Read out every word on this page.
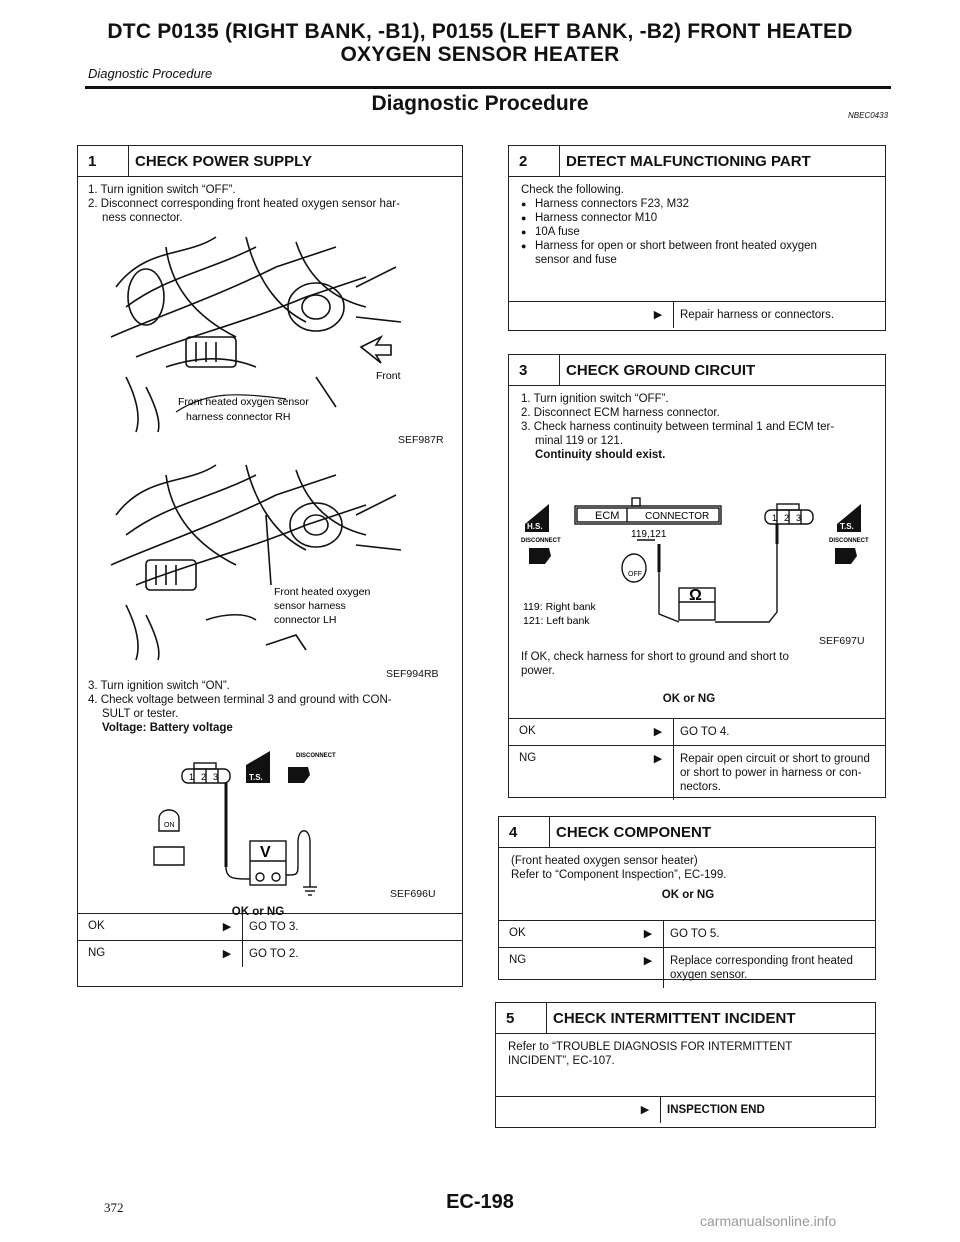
DTC P0135 (RIGHT BANK, -B1), P0155 (LEFT BANK, -B2) FRONT HEATED
OXYGEN SENSOR HEATER
Diagnostic Procedure
Diagnostic Procedure
NBEC0433
1	CHECK POWER SUPPLY
1. Turn ignition switch “OFF”.
2. Disconnect corresponding front heated oxygen sensor har-
ness connector.
Front
Front heated oxygen sensor
harness connector RH
SEF987R
Front heated oxygen
sensor harness
connector LH
SEF994RB
3. Turn ignition switch “ON”.
4. Check voltage between terminal 3 and ground with CON-
SULT or tester.
Voltage: Battery voltage
T.S.
DISCONNECT
1 2 3
V
ON
SEF696U
OK or NG
OK	▶	GO TO 3.
NG	▶	GO TO 2.
2	DETECT MALFUNCTIONING PART
Check the following.
● Harness connectors F23, M32
● Harness connector M10
● 10A fuse
● Harness for open or short between front heated oxygen
sensor and fuse
▶	Repair harness or connectors.
3	CHECK GROUND CIRCUIT
1. Turn ignition switch “OFF”.
2. Disconnect ECM harness connector.
3. Check harness continuity between terminal 1 and ECM ter-
minal 119 or 121.
Continuity should exist.
H.S.	T.S.
ECM	CONNECTOR
119,121
DISCONNECT	DISCONNECT
1 2 3
OFF
Ω
119: Right bank
121: Left bank
SEF697U
If OK, check harness for short to ground and short to
power.
OK or NG
OK	▶	GO TO 4.
NG	▶	Repair open circuit or short to ground or short to power in harness or con- nectors.
4	CHECK COMPONENT
(Front heated oxygen sensor heater)
Refer to “Component Inspection”, EC-199.
OK or NG
OK	▶	GO TO 5.
NG	▶	Replace corresponding front heated oxygen sensor.
5	CHECK INTERMITTENT INCIDENT
Refer to “TROUBLE DIAGNOSIS FOR INTERMITTENT
INCIDENT”, EC-107.
▶	INSPECTION END
372	EC-198
carmanualsonline.info
